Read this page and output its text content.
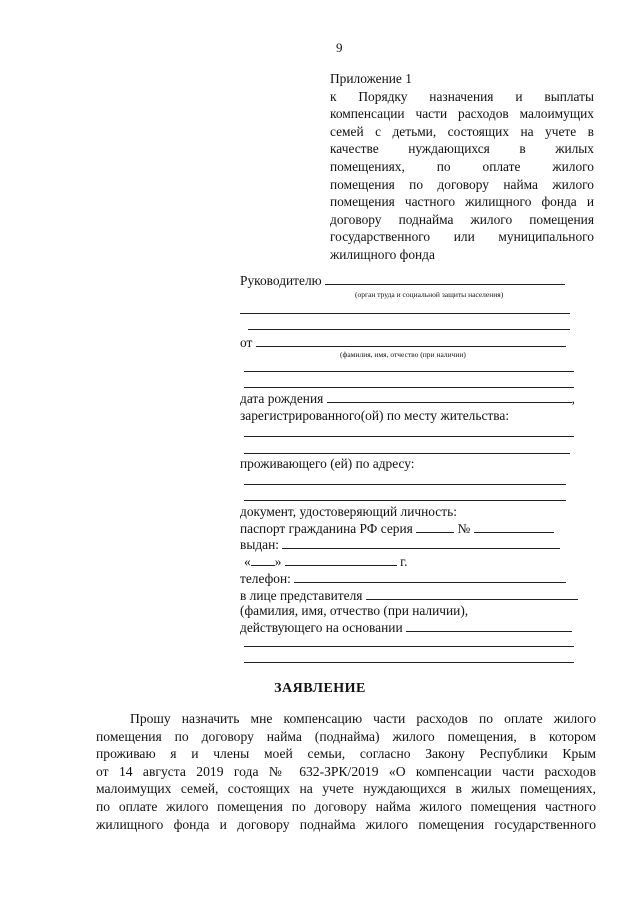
9
Приложение 1
к Порядку назначения и выплаты
компенсации части расходов малоимущих
семей с детьми, состоящих на учете в
качестве нуждающихся в жилых
помещениях, по оплате жилого
помещения по договору найма жилого
помещения частного жилищного фонда и
договору поднайма жилого помещения
государственного или муниципального
жилищного фонда
Руководителю
(орган труда и социальной защиты населения)
от
(фамилия, имя, отчество (при наличии)
дата рождения	,
зарегистрированного(ой) по месту жительства:
проживающего (ей) по адресу:
документ, удостоверяющий личность:
паспорт гражданина РФ серия	№
выдан:
« »	г.
телефон:
в лице представителя
(фамилия, имя, отчество (при наличии),
действующего на основании
ЗАЯВЛЕНИЕ
Прошу назначить мне компенсацию части расходов по оплате жилого
помещения по договору найма (поднайма) жилого помещения, в котором
проживаю я и члены моей семьи, согласно Закону Республики Крым
от 14 августа 2019 года № 632-ЗРК/2019 «О компенсации части расходов
малоимущих семей, состоящих на учете нуждающихся в жилых помещениях,
по оплате жилого помещения по договору найма жилого помещения частного
жилищного фонда и договору поднайма жилого помещения государственного
